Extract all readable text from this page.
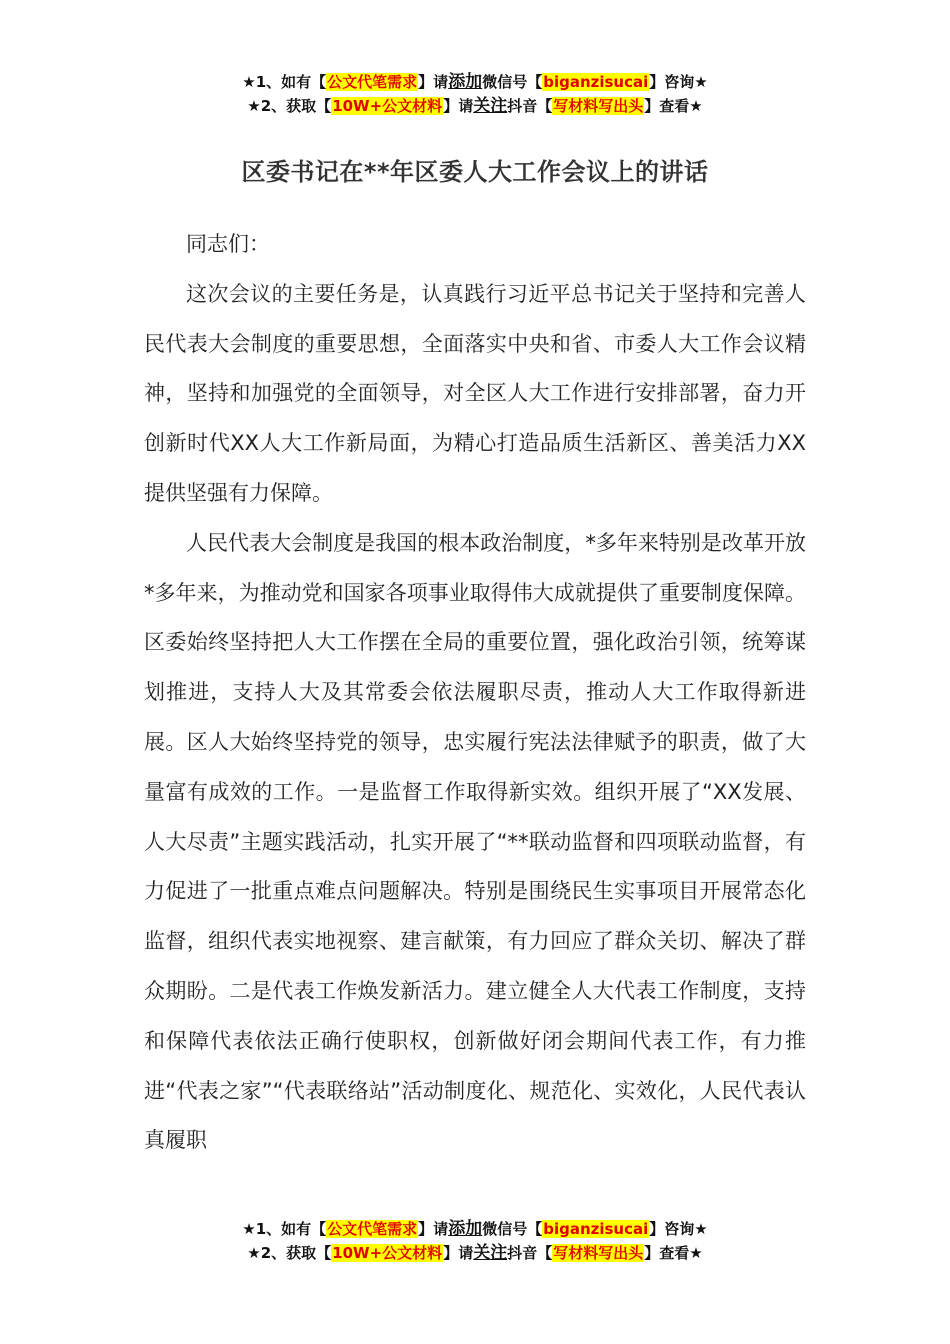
★1、如有【公文代笔需求】请添加微信号【biganzisucai】咨询★
★2、获取【10W+公文材料】请关注抖音【写材料写出头】查看★
区委书记在**年区委人大工作会议上的讲话

同志们：

这次会议的主要任务是，认真践行习近平总书记关于坚持和完善人民代表大会制度的重要思想，全面落实中央和省、市委人大工作会议精神，坚持和加强党的全面领导，对全区人大工作进行安排部署，奋力开创新时代XX人大工作新局面，为精心打造品质生活新区、善美活力XX提供坚强有力保障。

人民代表大会制度是我国的根本政治制度，*多年来特别是改革开放*多年来，为推动党和国家各项事业取得伟大成就提供了重要制度保障。区委始终坚持把人大工作摆在全局的重要位置，强化政治引领，统筹谋划推进，支持人大及其常委会依法履职尽责，推动人大工作取得新进展。区人大始终坚持党的领导，忠实履行宪法法律赋予的职责，做了大量富有成效的工作。一是监督工作取得新实效。组织开展了“XX发展、人大尽责”主题实践活动，扎实开展了“**联动监督和四项联动监督，有力促进了一批重点难点问题解决。特别是围绕民生实事项目开展常态化监督，组织代表实地视察、建言献策，有力回应了群众关切、解决了群众期盼。二是代表工作焕发新活力。建立健全人大代表工作制度，支持和保障代表依法正确行使职权，创新做好闭会期间代表工作，有力推进“代表之家”“代表联络站”活动制度化、规范化、实效化，人民代表认真履职

★1、如有【公文代笔需求】请添加微信号【biganzisucai】咨询★
★2、获取【10W+公文材料】请关注抖音【写材料写出头】查看★
